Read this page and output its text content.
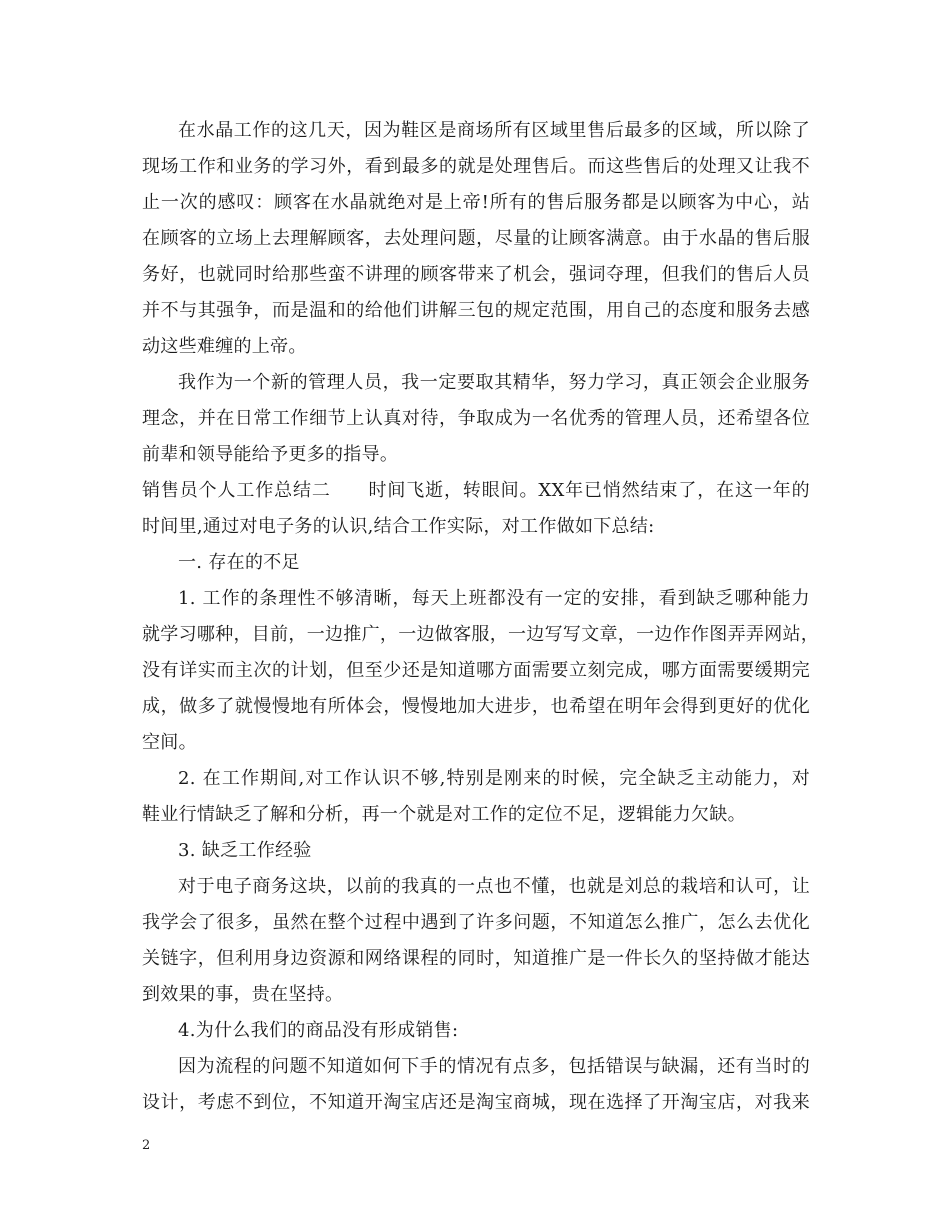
在水晶工作的这几天，因为鞋区是商场所有区域里售后最多的区域，所以除了
现场工作和业务的学习外，看到最多的就是处理售后。而这些售后的处理又让我不
止一次的感叹：顾客在水晶就绝对是上帝!所有的售后服务都是以顾客为中心，站
在顾客的立场上去理解顾客，去处理问题，尽量的让顾客满意。由于水晶的售后服
务好，也就同时给那些蛮不讲理的顾客带来了机会，强词夺理，但我们的售后人员
并不与其强争，而是温和的给他们讲解三包的规定范围，用自己的态度和服务去感
动这些难缠的上帝。
我作为一个新的管理人员，我一定要取其精华，努力学习，真正领会企业服务
理念，并在日常工作细节上认真对待，争取成为一名优秀的管理人员，还希望各位
前辈和领导能给予更多的指导。
销售员个人工作总结二　　时间飞逝，转眼间。XX年已悄然结束了，在这一年的
时间里,通过对电子务的认识,结合工作实际，对工作做如下总结:
一. 存在的不足
1. 工作的条理性不够清晰，每天上班都没有一定的安排，看到缺乏哪种能力
就学习哪种，目前，一边推广，一边做客服，一边写写文章，一边作作图弄弄网站，
没有详实而主次的计划，但至少还是知道哪方面需要立刻完成，哪方面需要缓期完
成，做多了就慢慢地有所体会，慢慢地加大进步，也希望在明年会得到更好的优化
空间。
2. 在工作期间,对工作认识不够,特别是刚来的时候，完全缺乏主动能力，对
鞋业行情缺乏了解和分析，再一个就是对工作的定位不足，逻辑能力欠缺。
3. 缺乏工作经验
对于电子商务这块，以前的我真的一点也不懂，也就是刘总的栽培和认可，让
我学会了很多，虽然在整个过程中遇到了许多问题，不知道怎么推广，怎么去优化
关链字，但利用身边资源和网络课程的同时，知道推广是一件长久的坚持做才能达
到效果的事，贵在坚持。
4.为什么我们的商品没有形成销售:
因为流程的问题不知道如何下手的情况有点多，包括错误与缺漏，还有当时的
设计，考虑不到位，不知道开淘宝店还是淘宝商城，现在选择了开淘宝店，对我来
2
